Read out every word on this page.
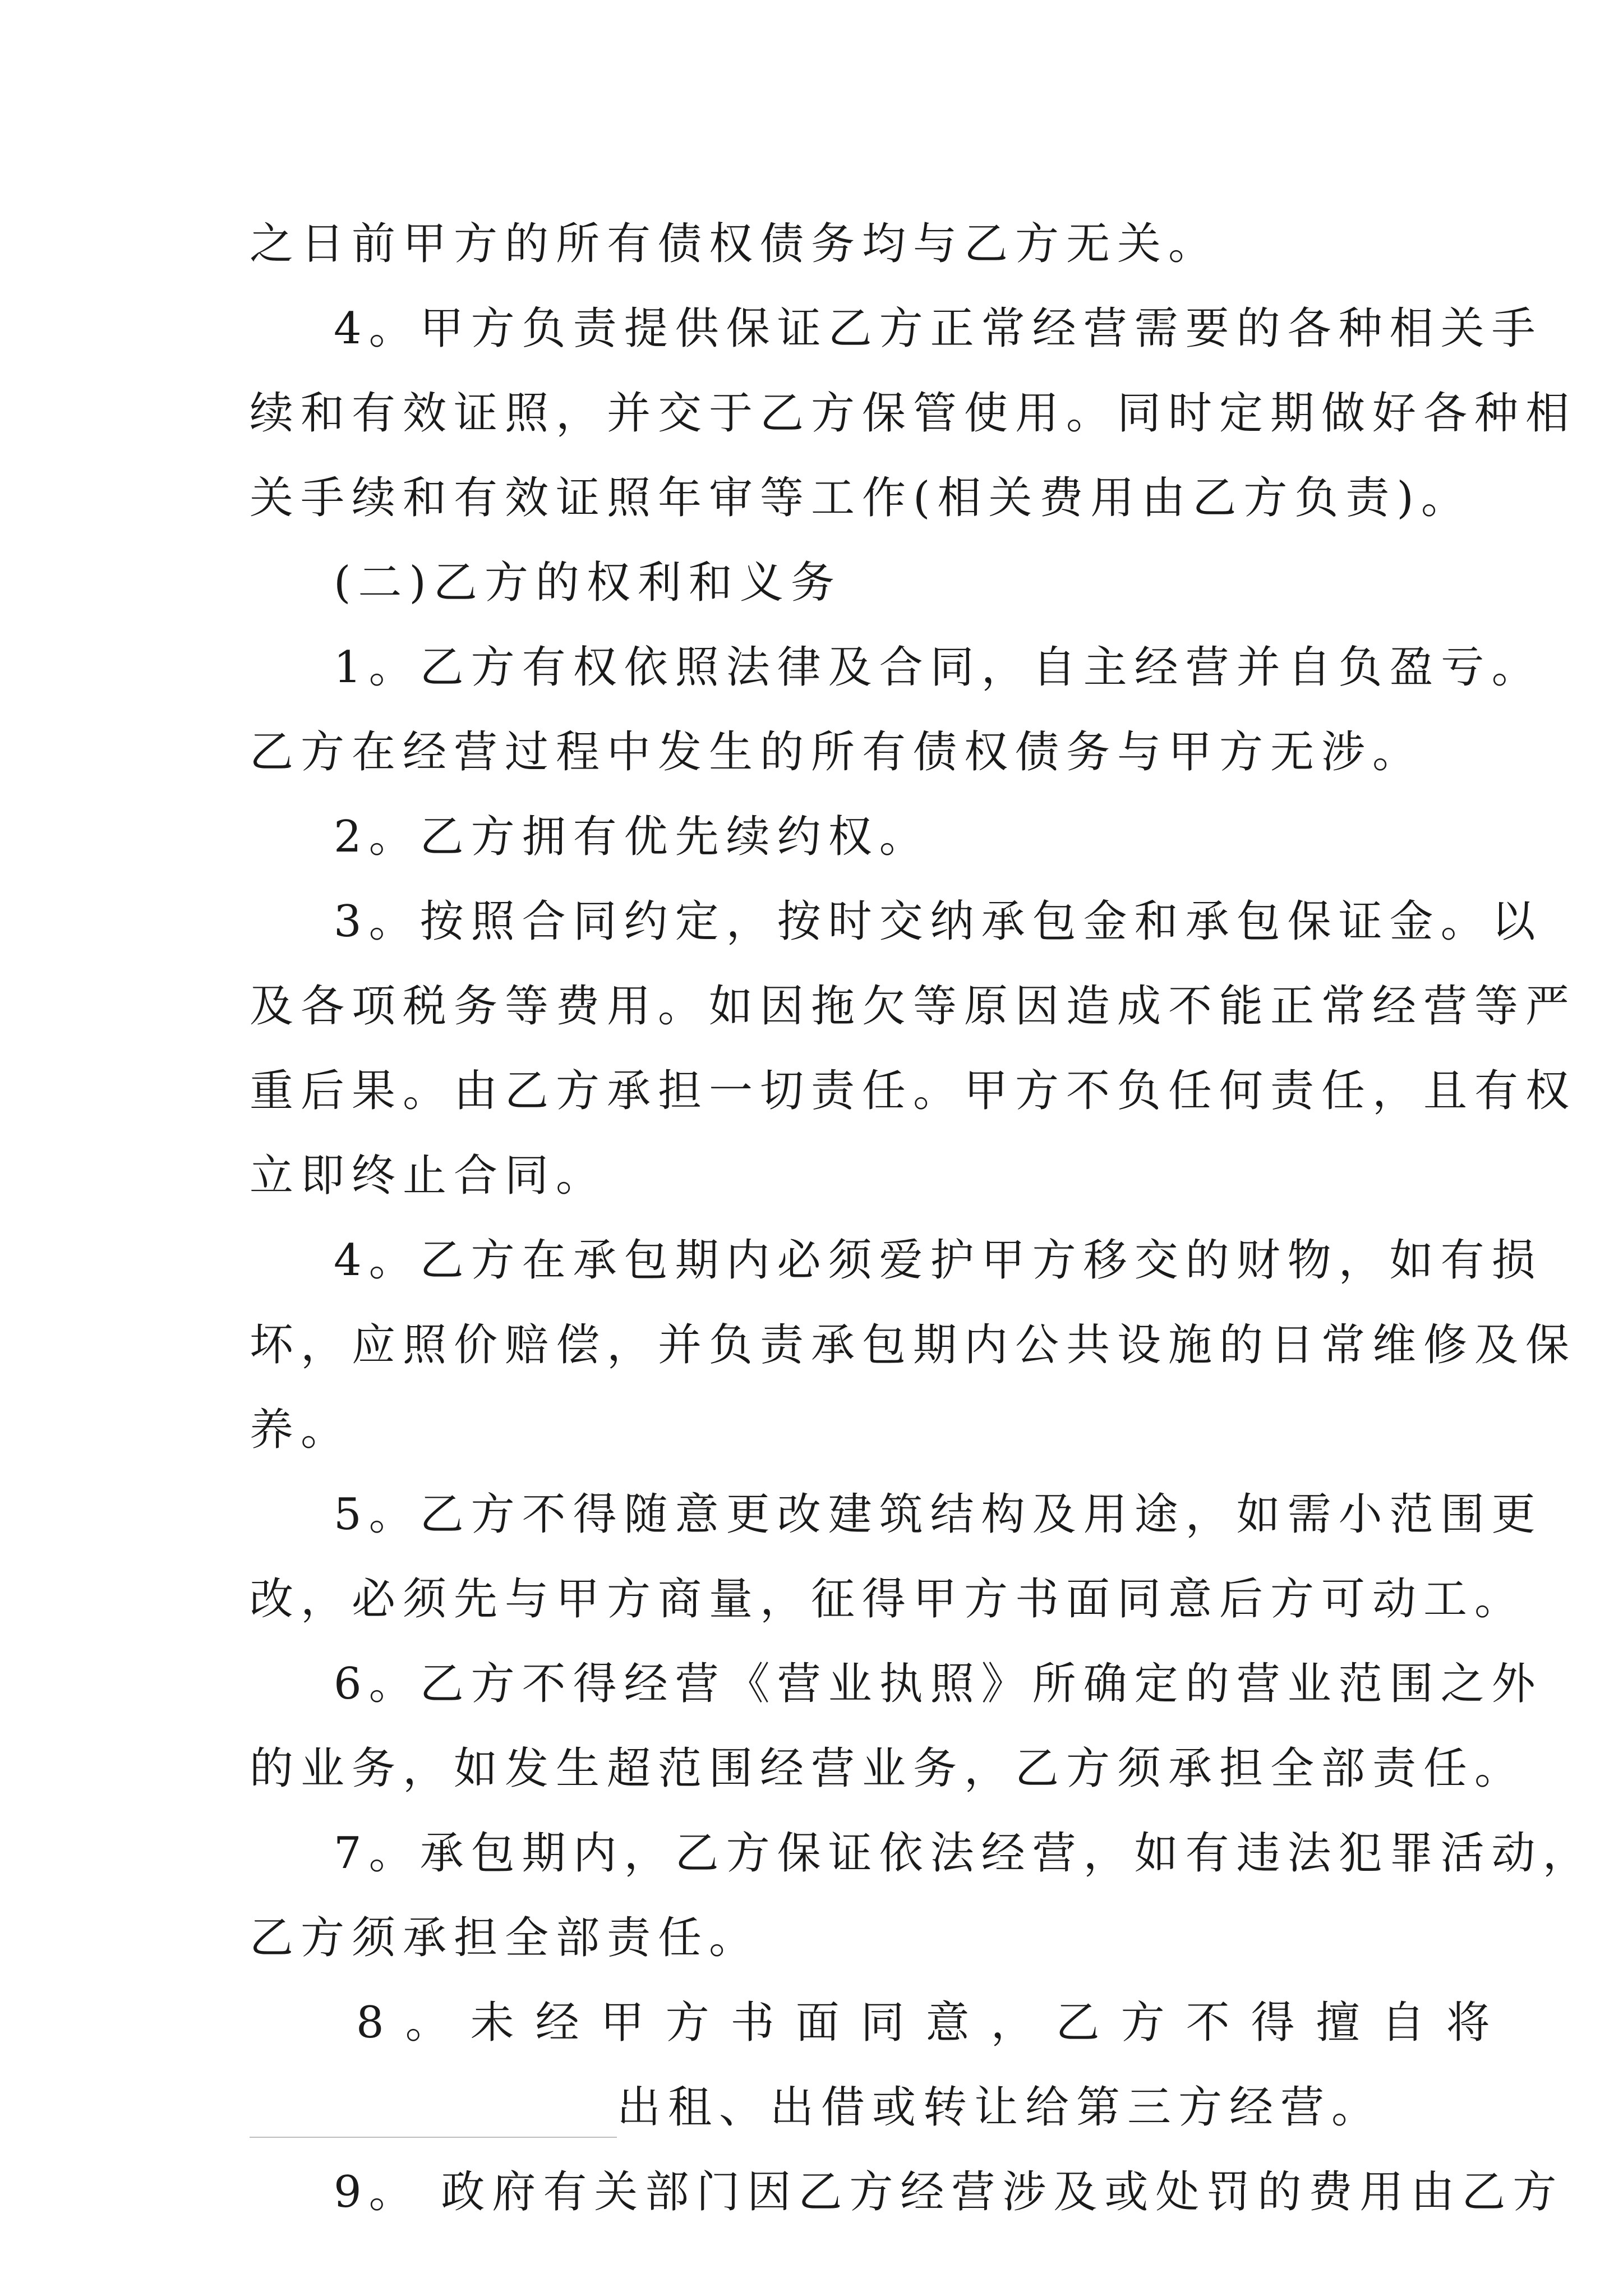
之日前甲方的所有债权债务均与乙方无关。
4。甲方负责提供保证乙方正常经营需要的各种相关手
续和有效证照，并交于乙方保管使用。同时定期做好各种相
关手续和有效证照年审等工作(相关费用由乙方负责)。
(二)乙方的权利和义务
1。乙方有权依照法律及合同，自主经营并自负盈亏。
乙方在经营过程中发生的所有债权债务与甲方无涉。
2。乙方拥有优先续约权。
3。按照合同约定，按时交纳承包金和承包保证金。以
及各项税务等费用。如因拖欠等原因造成不能正常经营等严
重后果。由乙方承担一切责任。甲方不负任何责任，且有权
立即终止合同。
4。乙方在承包期内必须爱护甲方移交的财物，如有损
坏，应照价赔偿，并负责承包期内公共设施的日常维修及保
养。
5。乙方不得随意更改建筑结构及用途，如需小范围更
改，必须先与甲方商量，征得甲方书面同意后方可动工。
6。乙方不得经营《营业执照》所确定的营业范围之外
的业务，如发生超范围经营业务，乙方须承担全部责任。
7。承包期内，乙方保证依法经营，如有违法犯罪活动，
乙方须承担全部责任。
8。未经甲方书面同意，乙方不得擅自将
出租、出借或转让给第三方经营。
9。 政府有关部门因乙方经营涉及或处罚的费用由乙方
